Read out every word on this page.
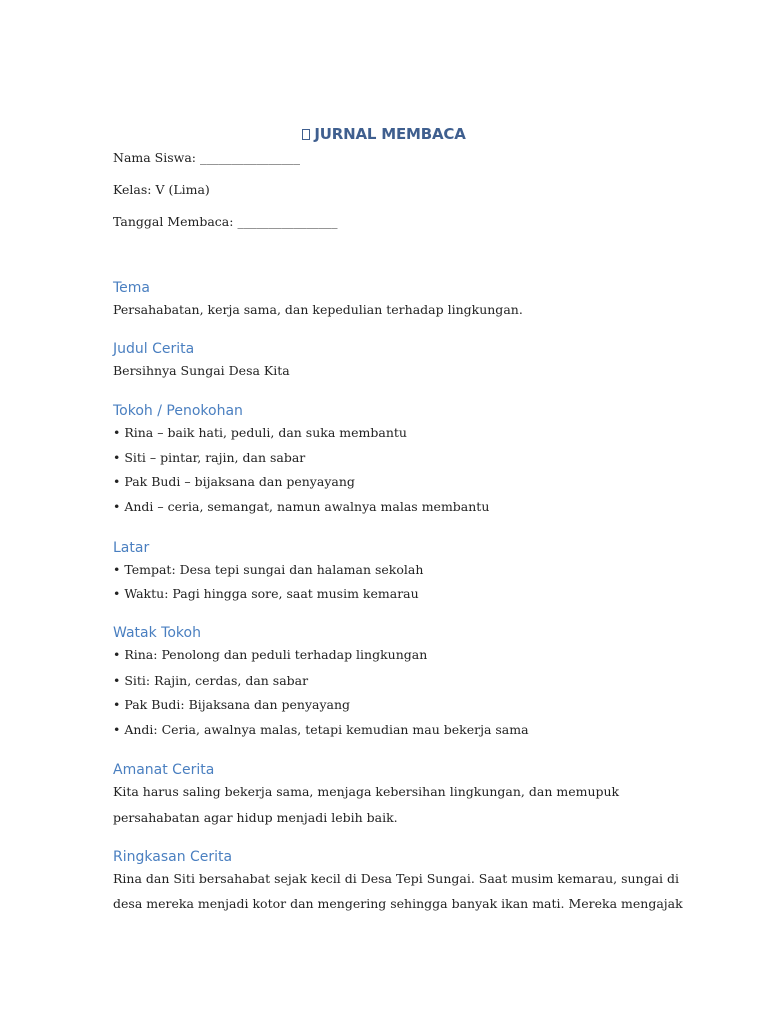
JURNAL MEMBACA
Nama Siswa: ________________
Kelas: V (Lima)
Tanggal Membaca: ________________
Tema
Persahabatan, kerja sama, dan kepedulian terhadap lingkungan.
Judul Cerita
Bersihnya Sungai Desa Kita
Tokoh / Penokohan
• Rina – baik hati, peduli, dan suka membantu
• Siti – pintar, rajin, dan sabar
• Pak Budi – bijaksana dan penyayang
• Andi – ceria, semangat, namun awalnya malas membantu
Latar
• Tempat: Desa tepi sungai dan halaman sekolah
• Waktu: Pagi hingga sore, saat musim kemarau
Watak Tokoh
• Rina: Penolong dan peduli terhadap lingkungan
• Siti: Rajin, cerdas, dan sabar
• Pak Budi: Bijaksana dan penyayang
• Andi: Ceria, awalnya malas, tetapi kemudian mau bekerja sama
Amanat Cerita
Kita harus saling bekerja sama, menjaga kebersihan lingkungan, dan memupuk
persahabatan agar hidup menjadi lebih baik.
Ringkasan Cerita
Rina dan Siti bersahabat sejak kecil di Desa Tepi Sungai. Saat musim kemarau, sungai di
desa mereka menjadi kotor dan mengering sehingga banyak ikan mati. Mereka mengajak
